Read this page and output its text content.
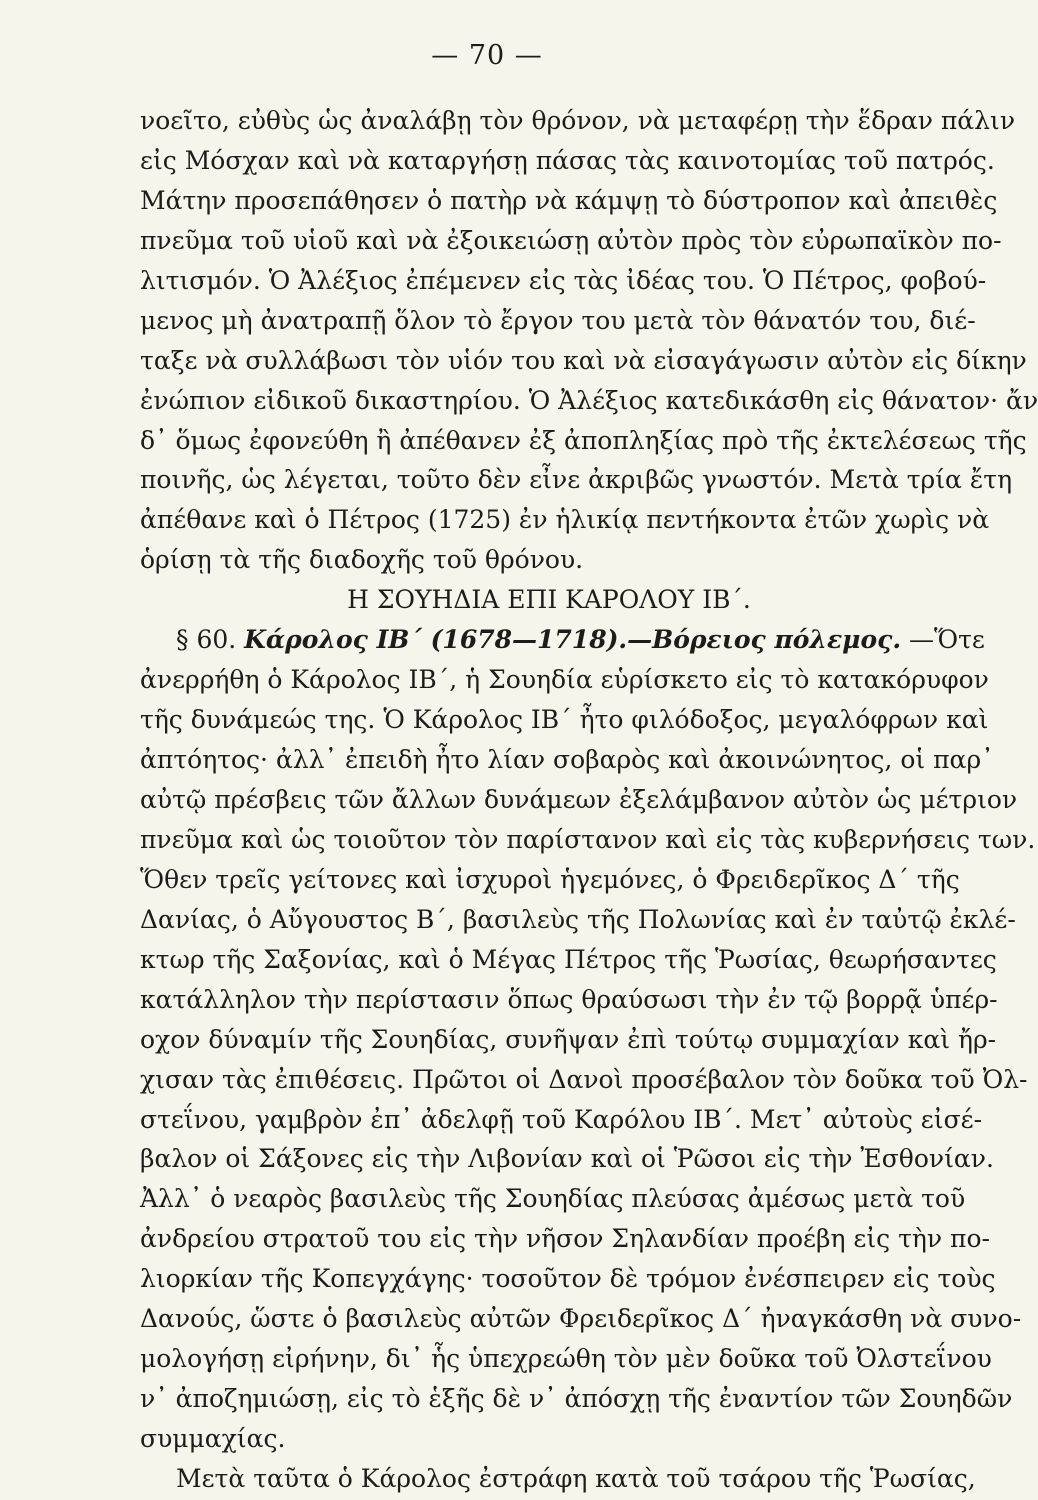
— 70 —
νοεῖτο, εὐθὺς ὡς ἀναλάβῃ τὸν θρόνον, νὰ μεταφέρῃ τὴν ἕδραν πάλιν
εἰς Μόσχαν καὶ νὰ καταργήσῃ πάσας τὰς καινοτομίας τοῦ πατρός.
Μάτην προσεπάθησεν ὁ πατὴρ νὰ κάμψῃ τὸ δύστροπον καὶ ἀπειθὲς
πνεῦμα τοῦ υἱοῦ καὶ νὰ ἐξοικειώσῃ αὐτὸν πρὸς τὸν εὐρωπαϊκὸν πο-
λιτισμόν. Ὁ Ἀλέξιος ἐπέμενεν εἰς τὰς ἰδέας του. Ὁ Πέτρος, φοβού-
μενος μὴ ἀνατραπῇ ὅλον τὸ ἔργον του μετὰ τὸν θάνατόν του, διέ-
ταξε νὰ συλλάβωσι τὸν υἱόν του καὶ νὰ εἰσαγάγωσιν αὐτὸν εἰς δίκην
ἐνώπιον εἰδικοῦ δικαστηρίου. Ὁ Ἀλέξιος κατεδικάσθη εἰς θάνατον· ἄν
δ᾽ ὅμως ἐφονεύθη ἢ ἀπέθανεν ἐξ ἀποπληξίας πρὸ τῆς ἐκτελέσεως τῆς
ποινῆς, ὡς λέγεται, τοῦτο δὲν εἶνε ἀκριβῶς γνωστόν. Μετὰ τρία ἔτη
ἀπέθανε καὶ ὁ Πέτρος (1725) ἐν ἡλικίᾳ πεντήκοντα ἐτῶν χωρὶς νὰ
ὁρίσῃ τὰ τῆς διαδοχῆς τοῦ θρόνου.
Η ΣΟΥΗΔΙΑ ΕΠΙ ΚΑΡΟΛΟΥ ΙΒ΄.
§ 60. Κάρολος ΙΒ΄ (1678—1718).—Βόρειος πόλεμος. —Ὅτε
ἀνερρήθη ὁ Κάρολος ΙΒ΄, ἡ Σουηδία εὑρίσκετο εἰς τὸ κατακόρυφον
τῆς δυνάμεώς της. Ὁ Κάρολος ΙΒ΄ ἦτο φιλόδοξος, μεγαλόφρων καὶ
ἀπτόητος· ἀλλ᾽ ἐπειδὴ ἦτο λίαν σοβαρὸς καὶ ἀκοινώνητος, οἱ παρ᾽
αὐτῷ πρέσβεις τῶν ἄλλων δυνάμεων ἐξελάμβανον αὐτὸν ὡς μέτριον
πνεῦμα καὶ ὡς τοιοῦτον τὸν παρίστανον καὶ εἰς τὰς κυβερνήσεις των.
Ὅθεν τρεῖς γείτονες καὶ ἰσχυροὶ ἡγεμόνες, ὁ Φρειδερῖκος Δ΄ τῆς
Δανίας, ὁ Αὔγουστος Β΄, βασιλεὺς τῆς Πολωνίας καὶ ἐν ταὐτῷ ἐκλέ-
κτωρ τῆς Σαξονίας, καὶ ὁ Μέγας Πέτρος τῆς Ῥωσίας, θεωρήσαντες
κατάλληλον τὴν περίστασιν ὅπως θραύσωσι τὴν ἐν τῷ βορρᾷ ὑπέρ-
οχον δύναμίν τῆς Σουηδίας, συνῆψαν ἐπὶ τούτῳ συμμαχίαν καὶ ἤρ-
χισαν τὰς ἐπιθέσεις. Πρῶτοι οἱ Δανοὶ προσέβαλον τὸν δοῦκα τοῦ Ὀλ-
στεΐνου, γαμβρὸν ἐπ᾽ ἀδελφῇ τοῦ Καρόλου ΙΒ΄. Μετ᾽ αὐτοὺς εἰσέ-
βαλον οἱ Σάξονες εἰς τὴν Λιβονίαν καὶ οἱ Ῥῶσοι εἰς τὴν Ἐσθονίαν.
Ἀλλ᾽ ὁ νεαρὸς βασιλεὺς τῆς Σουηδίας πλεύσας ἀμέσως μετὰ τοῦ
ἀνδρείου στρατοῦ του εἰς τὴν νῆσον Σηλανδίαν προέβη εἰς τὴν πο-
λιορκίαν τῆς Κοπεγχάγης· τοσοῦτον δὲ τρόμον ἐνέσπειρεν εἰς τοὺς
Δανούς, ὥστε ὁ βασιλεὺς αὐτῶν Φρειδερῖκος Δ΄ ἠναγκάσθη νὰ συνο-
μολογήσῃ εἰρήνην, δι᾽ ἧς ὑπεχρεώθη τὸν μὲν δοῦκα τοῦ Ὀλστεΐνου
ν᾽ ἀποζημιώσῃ, εἰς τὸ ἑξῆς δὲ ν᾽ ἀπόσχῃ τῆς ἐναντίον τῶν Σουηδῶν
συμμαχίας.
Μετὰ ταῦτα ὁ Κάρολος ἐστράφη κατὰ τοῦ τσάρου τῆς Ῥωσίας,
